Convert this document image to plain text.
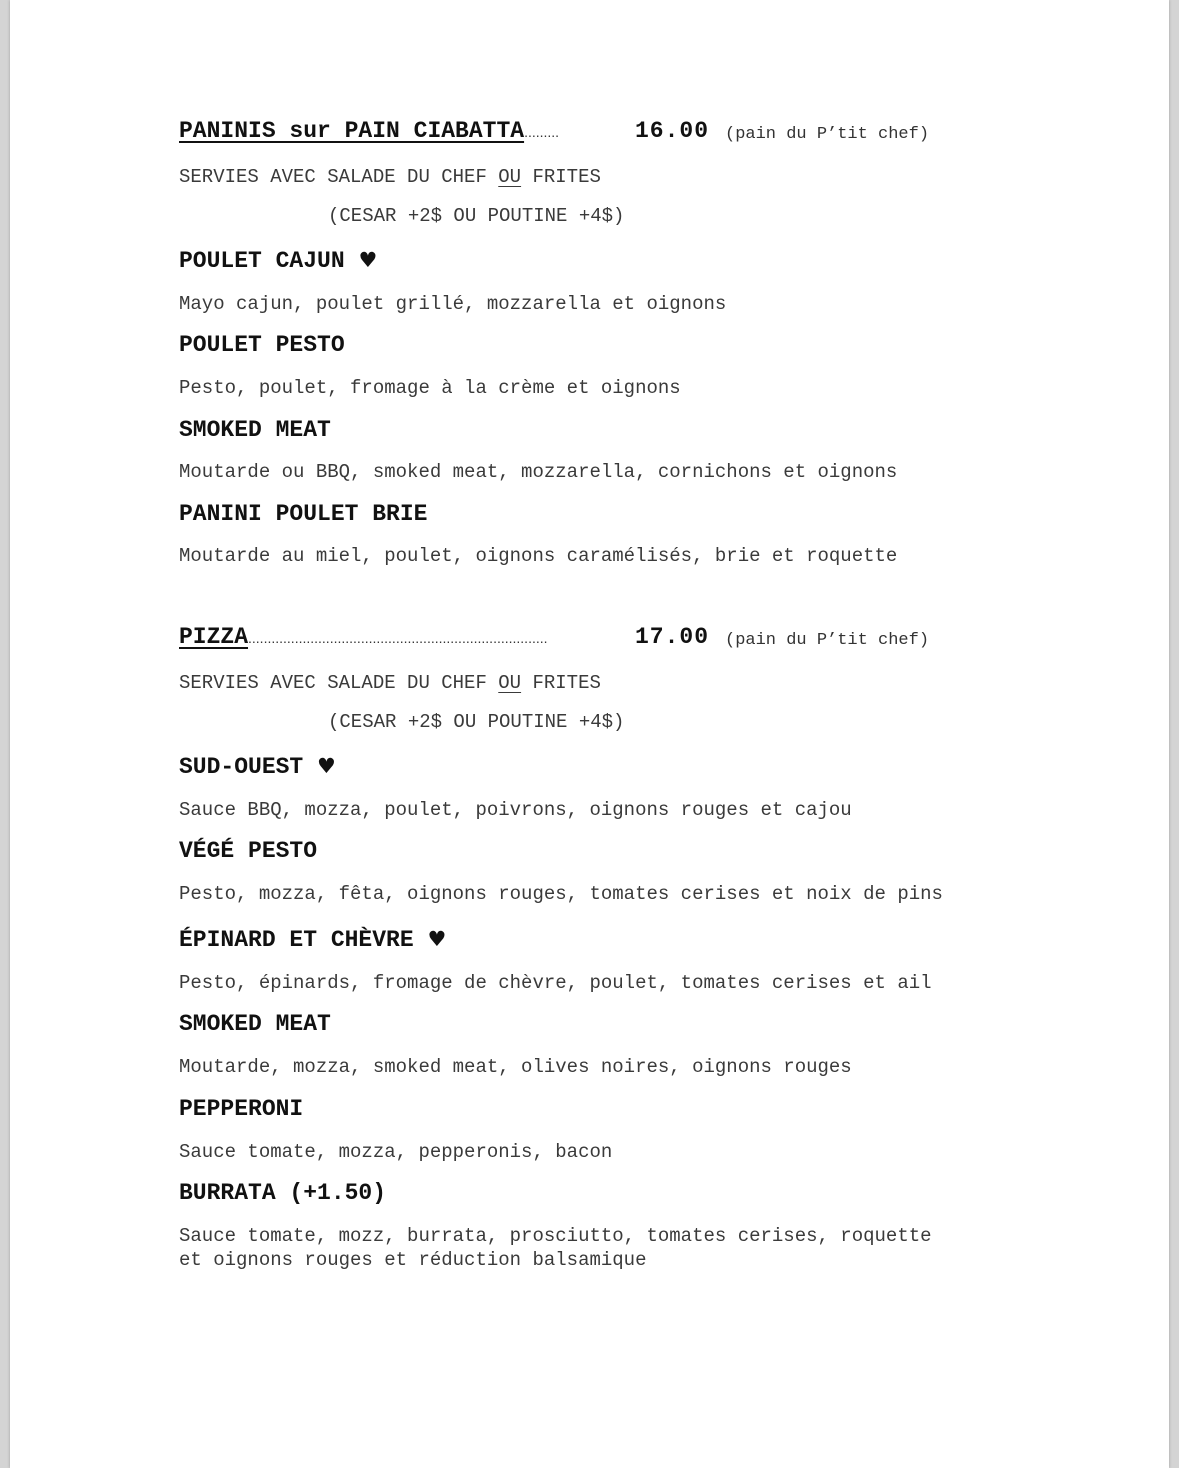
PANINIS sur PAIN CIABATTA .........	16.00 (pain du P’tit chef)
SERVIES AVEC SALADE DU CHEF OU FRITES
(CESAR +2$ OU POUTINE +4$)
POULET CAJUN ♥
Mayo cajun, poulet grillé, mozzarella et oignons
POULET PESTO
Pesto, poulet, fromage à la crème et oignons
SMOKED MEAT
Moutarde ou BBQ, smoked meat, mozzarella, cornichons et oignons
PANINI POULET BRIE
Moutarde au miel, poulet, oignons caramélisés, brie et roquette
PIZZA .............................................................................	17.00 (pain du P’tit chef)
SERVIES AVEC SALADE DU CHEF OU FRITES
(CESAR +2$ OU POUTINE +4$)
SUD-OUEST ♥
Sauce BBQ, mozza, poulet, poivrons, oignons rouges et cajou
VÉGÉ PESTO
Pesto, mozza, fêta, oignons rouges, tomates cerises et noix de pins
ÉPINARD ET CHÈVRE ♥
Pesto, épinards, fromage de chèvre, poulet, tomates cerises et ail
SMOKED MEAT
Moutarde, mozza, smoked meat, olives noires, oignons rouges
PEPPERONI
Sauce tomate, mozza, pepperonis, bacon
BURRATA (+1.50)
Sauce tomate, mozz, burrata, prosciutto, tomates cerises, roquette
et oignons rouges et réduction balsamique
